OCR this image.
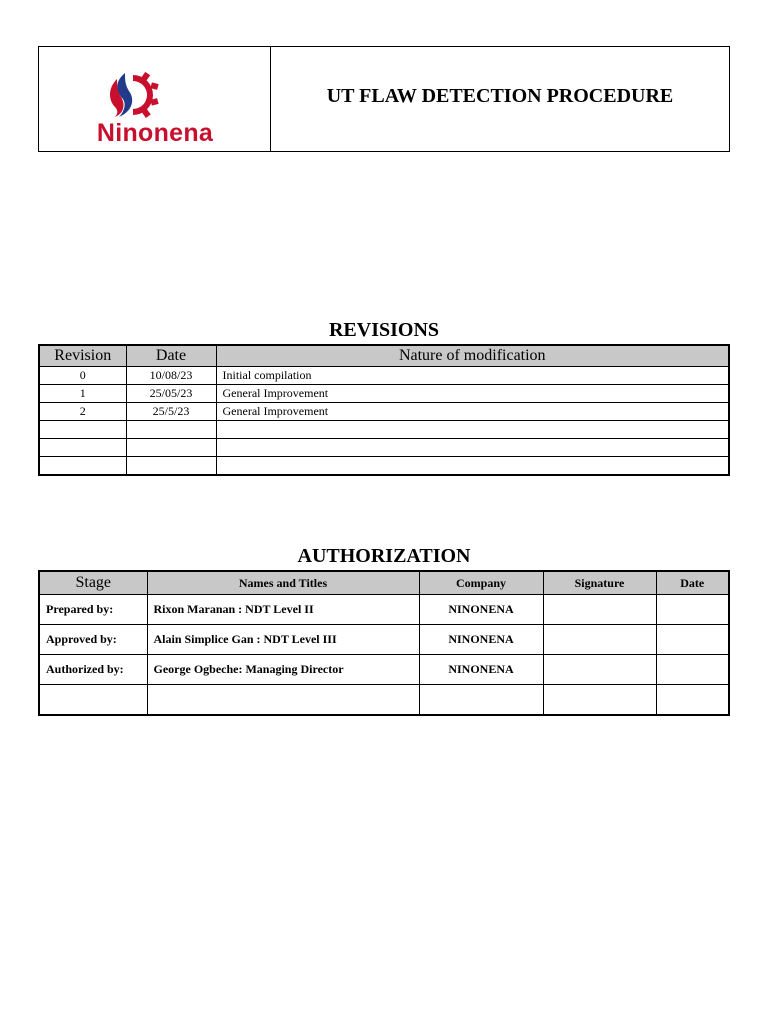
Ninonena
UT FLAW DETECTION PROCEDURE
REVISIONS
Revision	Date	Nature of modification
0	10/08/23	Initial compilation
1	25/05/23	General Improvement
2	25/5/23	General Improvement

AUTHORIZATION
Stage	Names and Titles	Company	Signature	Date
Prepared by:	Rixon Maranan : NDT Level II	NINONENA		
Approved by:	Alain Simplice Gan : NDT Level III	NINONENA		
Authorized by:	George Ogbeche: Managing Director	NINONENA		
